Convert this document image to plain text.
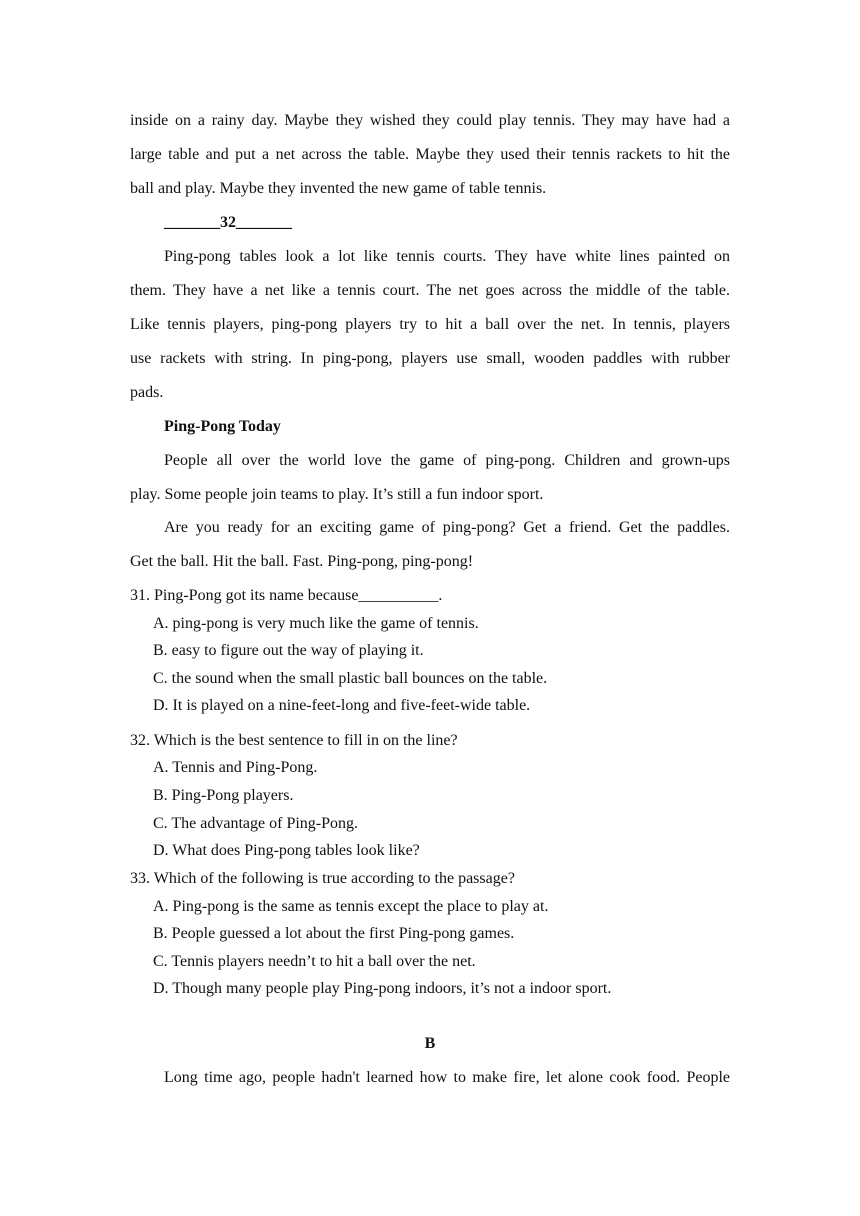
inside on a rainy day. Maybe they wished they could play tennis. They may have had a
large table and put a net across the table. Maybe they used their tennis rackets to hit the
ball and play. Maybe they invented the new game of table tennis.
_______32_______
Ping-pong tables look a lot like tennis courts. They have white lines painted on
them. They have a net like a tennis court. The net goes across the middle of the table.
Like tennis players, ping-pong players try to hit a ball over the net. In tennis, players
use rackets with string. In ping-pong, players use small, wooden paddles with rubber
pads.
Ping-Pong Today
People all over the world love the game of ping-pong. Children and grown-ups
play. Some people join teams to play. It’s still a fun indoor sport.
Are you ready for an exciting game of ping-pong? Get a friend. Get the paddles.
Get the ball. Hit the ball. Fast. Ping-pong, ping-pong!
31. Ping-Pong got its name because__________.
A. ping-pong is very much like the game of tennis.
B. easy to figure out the way of playing it.
C. the sound when the small plastic ball bounces on the table.
D. It is played on a nine-feet-long and five-feet-wide table.
32. Which is the best sentence to fill in on the line?
A. Tennis and Ping-Pong.
B. Ping-Pong players.
C. The advantage of Ping-Pong.
D. What does Ping-pong tables look like?
33. Which of the following is true according to the passage?
A. Ping-pong is the same as tennis except the place to play at.
B. People guessed a lot about the first Ping-pong games.
C. Tennis players needn’t to hit a ball over the net.
D. Though many people play Ping-pong indoors, it’s not a indoor sport.
B
Long time ago, people hadn't learned how to make fire, let alone cook food. People
